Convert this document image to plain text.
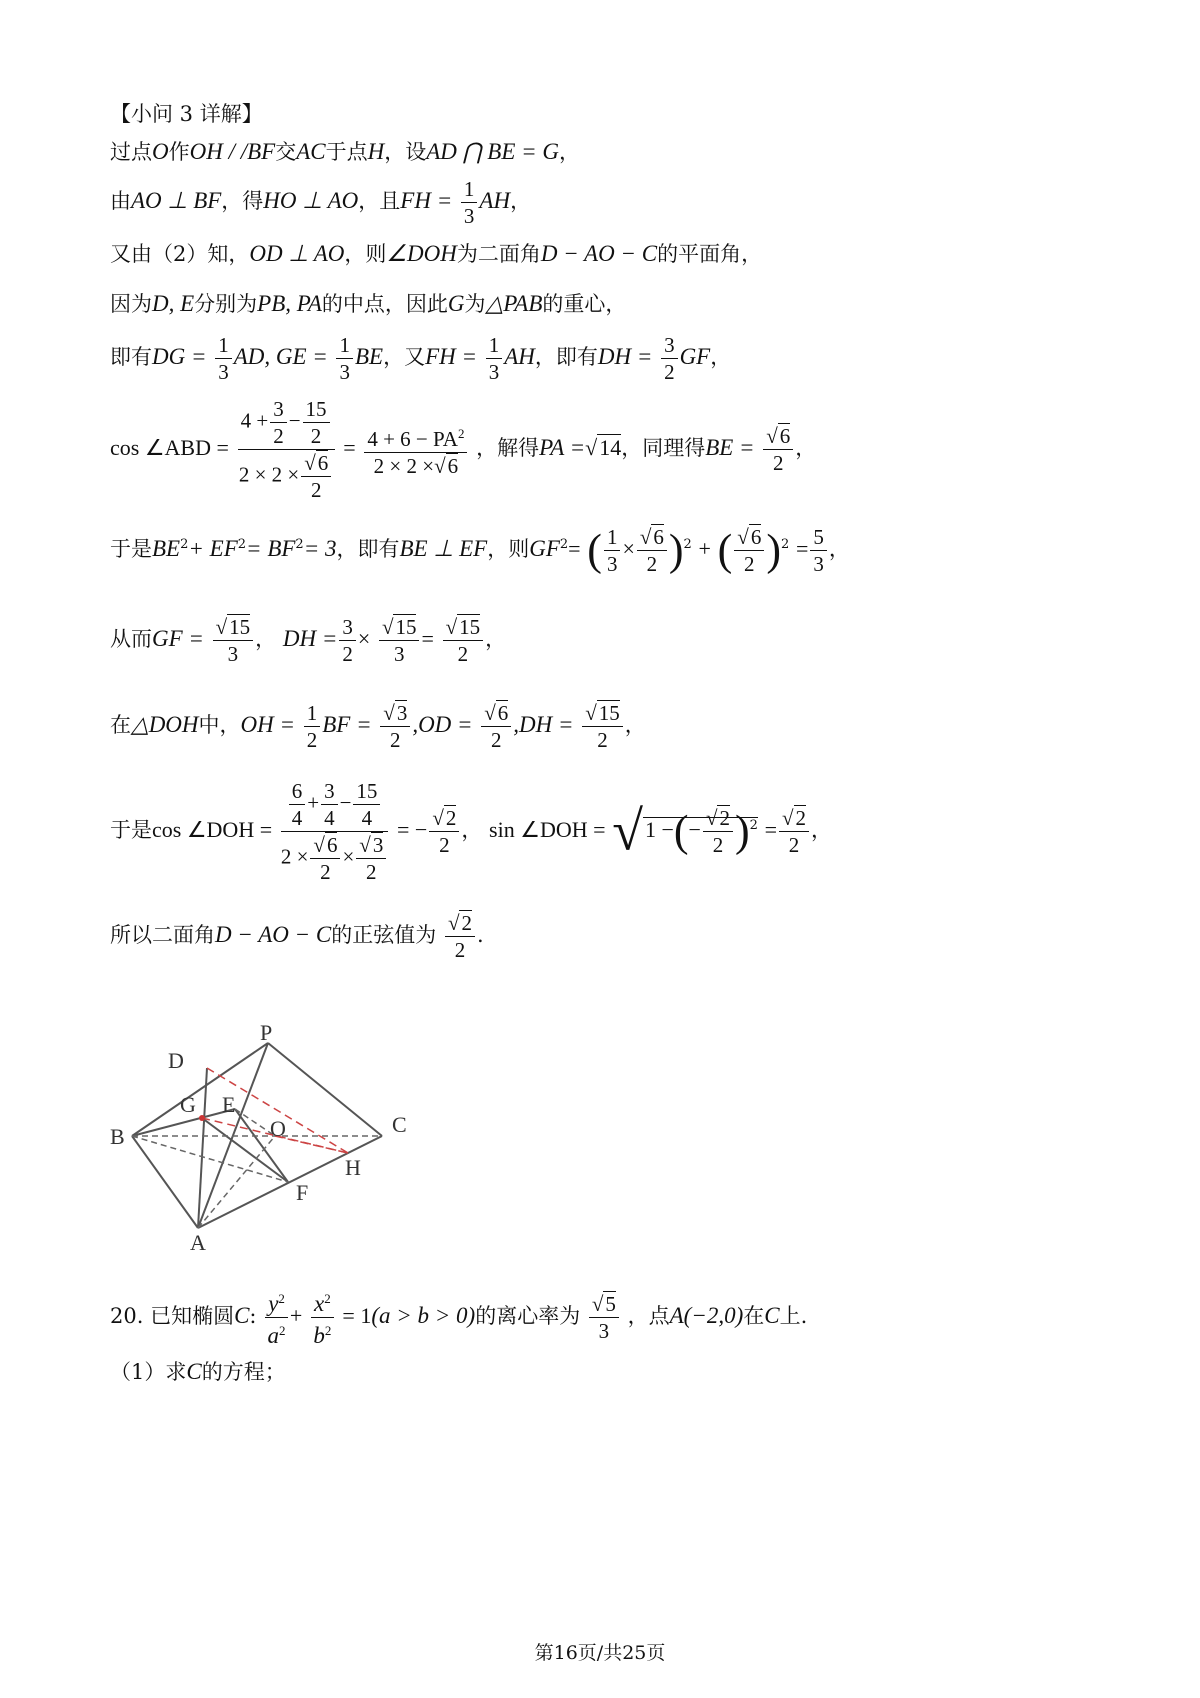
【小问 3 详解】
过点O作OH / /BF交AC于点H，设AD ⋂ BE = G，
由AO ⊥ BF，得HO ⊥ AO，且FH = $\frac{1}{3}$ AH，
又由（2）知，OD ⊥ AO，则∠DOH为二面角D − AO − C的平面角，
因为D, E分别为PB, PA的中点，因此G为△PAB的重心，
即有DG = $\frac{1}{3}$ AD, GE = $\frac{1}{3}$ BE，又FH = $\frac{1}{3}$ AH，即有DH = $\frac{3}{2}$ GF，
cos ∠ABD = $\frac{4 + \frac{3}{2} - \frac{15}{2}}{2 \times 2 \times \frac{√6}{2}} = \frac{4 + 6 - PA^2}{2 \times 2 \times√6}$ ，解得PA =√14，同理得BE = $\frac{√6}{2}$ ，
于是$BE^2+ EF^2= BF^2= 3$，即有BE ⊥ EF，则$GF^2=$ ( $\frac{1}{3} \times \frac{√6}{2} )^2$ + ( $\frac{√6}{2} )^2 = \frac{5}{3}$ ，
从而GF = $\frac{√15}{3}$ ， DH = $\frac{3}{2} \times \frac{√15}{3} = \frac{√15}{2}$ ，
在△DOH中，OH = $\frac{1}{2}$ BF = $\frac{√3}{2} ,OD = \frac{√6}{2} ,DH = \frac{√15}{2}$ ，
于是cos ∠DOH = $\frac{\frac{6}{4} + \frac{3}{4} - \frac{15}{4}}{2 \times \frac{√6}{2} \times \frac{√3}{2}}$ = − $\frac{√2}{2}$ ， sin ∠DOH = √1 −(− $\frac{√2}{2} )^2 = \frac{√2}{2}$ ，
所以二面角D − AO − C的正弦值为 $\frac{√2}{2}$ .
P
D
G E
O
B	C
H
F
A
20. 已知椭圆C: $\frac{y^2}{a^2} + \frac{x^2}{b^2} = 1(a > b > 0)$的离心率为 $\frac{√5}{3}$ ，点A(−2,0)在C上.
（1）求C的方程；
第16页/共25页
